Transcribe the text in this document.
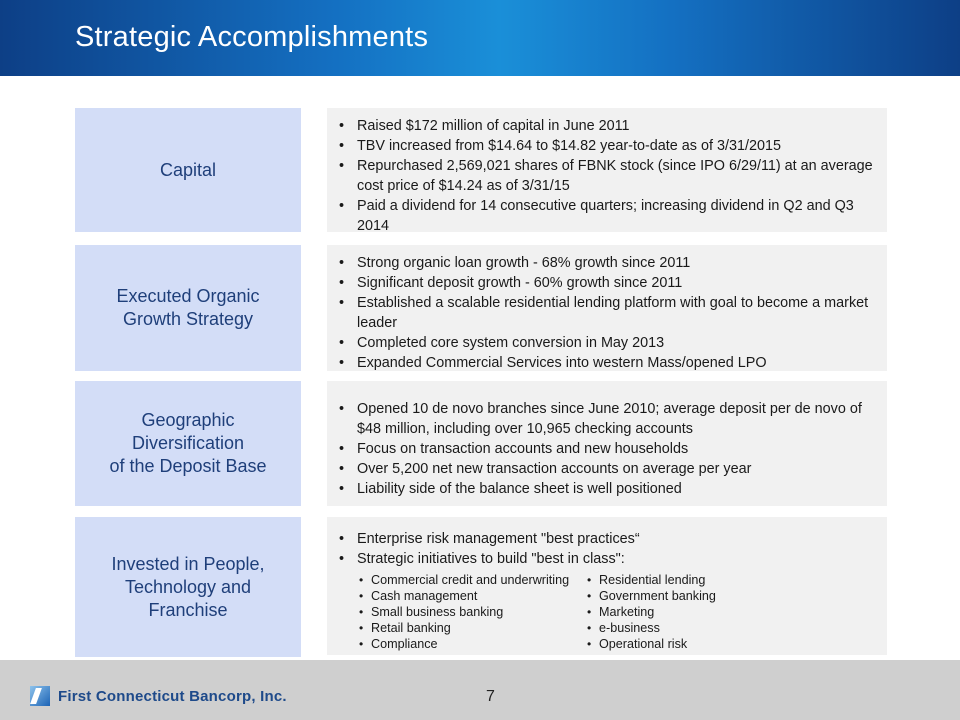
Strategic Accomplishments
Capital
• Raised $172 million of capital in June 2011
• TBV increased from $14.64 to $14.82 year-to-date as of 3/31/2015
• Repurchased 2,569,021 shares of FBNK stock (since IPO 6/29/11) at an average cost price of $14.24 as of 3/31/15
• Paid a dividend for 14 consecutive quarters; increasing dividend in Q2 and Q3 2014
Executed Organic
Growth Strategy
• Strong organic loan growth - 68% growth since 2011
• Significant deposit growth - 60% growth since 2011
• Established a scalable residential lending platform with goal to become a market leader
• Completed core system conversion in May 2013
• Expanded Commercial Services into western Mass/opened LPO
Geographic
Diversification
of the Deposit Base
• Opened 10 de novo branches since June 2010; average deposit per de novo of $48 million, including over 10,965 checking accounts
• Focus on transaction accounts and new households
• Over 5,200 net new transaction accounts on average per year
• Liability side of the balance sheet is well positioned
Invested in People,
Technology and
Franchise
• Enterprise risk management "best practices“
• Strategic initiatives to build "best in class":
• Commercial credit and underwriting
• Cash management
• Small business banking
• Retail banking
• Compliance
• Residential lending
• Government banking
• Marketing
• e-business
• Operational risk
First Connecticut Bancorp, Inc.	7
